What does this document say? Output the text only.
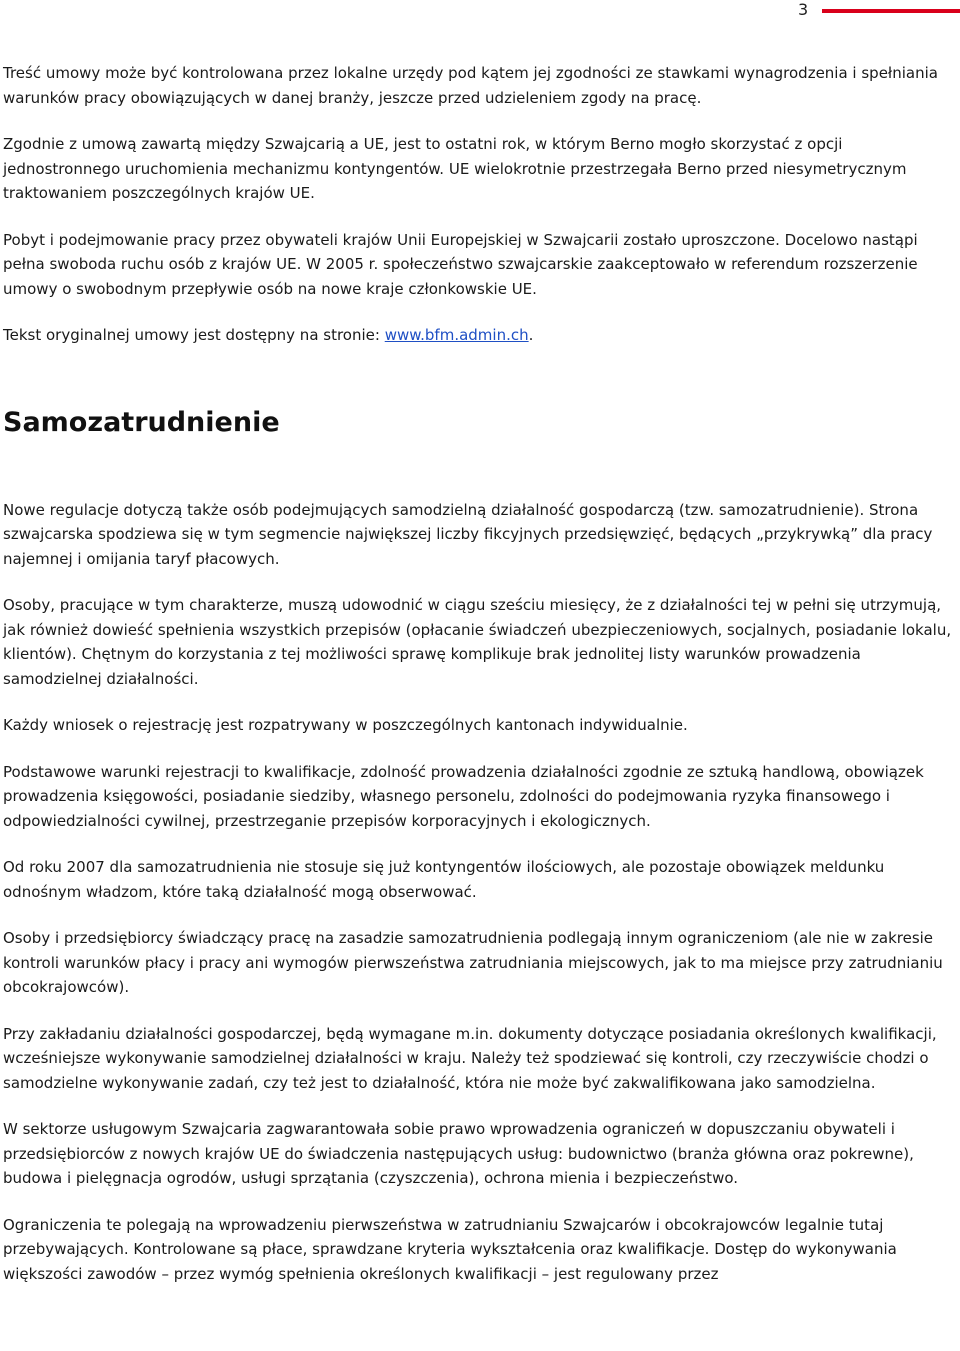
3

Treść umowy może być kontrolowana przez lokalne urzędy pod kątem jej zgodności ze stawkami wynagrodzenia i spełniania warunków pracy obowiązujących w danej branży, jeszcze przed udzieleniem zgody na pracę.

Zgodnie z umową zawartą między Szwajcarią a UE, jest to ostatni rok, w którym Berno mogło skorzystać z opcji jednostronnego uruchomienia mechanizmu kontyngentów. UE wielokrotnie przestrzegała Berno przed niesymetrycznym traktowaniem poszczególnych krajów UE.

Pobyt i podejmowanie pracy przez obywateli krajów Unii Europejskiej w Szwajcarii zostało uproszczone. Docelowo nastąpi pełna swoboda ruchu osób z krajów UE. W 2005 r. społeczeństwo szwajcarskie zaakceptowało w referendum rozszerzenie umowy o swobodnym przepływie osób na nowe kraje członkowskie UE.

Tekst oryginalnej umowy jest dostępny na stronie: www.bfm.admin.ch.

Samozatrudnienie

Nowe regulacje dotyczą także osób podejmujących samodzielną działalność gospodarczą (tzw. samozatrudnienie). Strona szwajcarska spodziewa się w tym segmencie największej liczby fikcyjnych przedsięwzięć, będących „przykrywką” dla pracy najemnej i omijania taryf płacowych.

Osoby, pracujące w tym charakterze, muszą udowodnić w ciągu sześciu miesięcy, że z działalności tej w pełni się utrzymują, jak również dowieść spełnienia wszystkich przepisów (opłacanie świadczeń ubezpieczeniowych, socjalnych, posiadanie lokalu, klientów). Chętnym do korzystania z tej możliwości sprawę komplikuje brak jednolitej listy warunków prowadzenia samodzielnej działalności.

Każdy wniosek o rejestrację jest rozpatrywany w poszczególnych kantonach indywidualnie.

Podstawowe warunki rejestracji to kwalifikacje, zdolność prowadzenia działalności zgodnie ze sztuką handlową, obowiązek prowadzenia księgowości, posiadanie siedziby, własnego personelu, zdolności do podejmowania ryzyka finansowego i odpowiedzialności cywilnej, przestrzeganie przepisów korporacyjnych i ekologicznych.

Od roku 2007 dla samozatrudnienia nie stosuje się już kontyngentów ilościowych, ale pozostaje obowiązek meldunku odnośnym władzom, które taką działalność mogą obserwować.

Osoby i przedsiębiorcy świadczący pracę na zasadzie samozatrudnienia podlegają innym ograniczeniom (ale nie w zakresie kontroli warunków płacy i pracy ani wymogów pierwszeństwa zatrudniania miejscowych, jak to ma miejsce przy zatrudnianiu obcokrajowców).

Przy zakładaniu działalności gospodarczej, będą wymagane m.in. dokumenty dotyczące posiadania określonych kwalifikacji, wcześniejsze wykonywanie samodzielnej działalności w kraju. Należy też spodziewać się kontroli, czy rzeczywiście chodzi o samodzielne wykonywanie zadań, czy też jest to działalność, która nie może być zakwalifikowana jako samodzielna.

W sektorze usługowym Szwajcaria zagwarantowała sobie prawo wprowadzenia ograniczeń w dopuszczaniu obywateli i przedsiębiorców z nowych krajów UE do świadczenia następujących usług: budownictwo (branża główna oraz pokrewne), budowa i pielęgnacja ogrodów, usługi sprzątania (czyszczenia), ochrona mienia i bezpieczeństwo.

Ograniczenia te polegają na wprowadzeniu pierwszeństwa w zatrudnianiu Szwajcarów i obcokrajowców legalnie tutaj przebywających. Kontrolowane są płace, sprawdzane kryteria wykształcenia oraz kwalifikacje. Dostęp do wykonywania większości zawodów – przez wymóg spełnienia określonych kwalifikacji – jest regulowany przez
